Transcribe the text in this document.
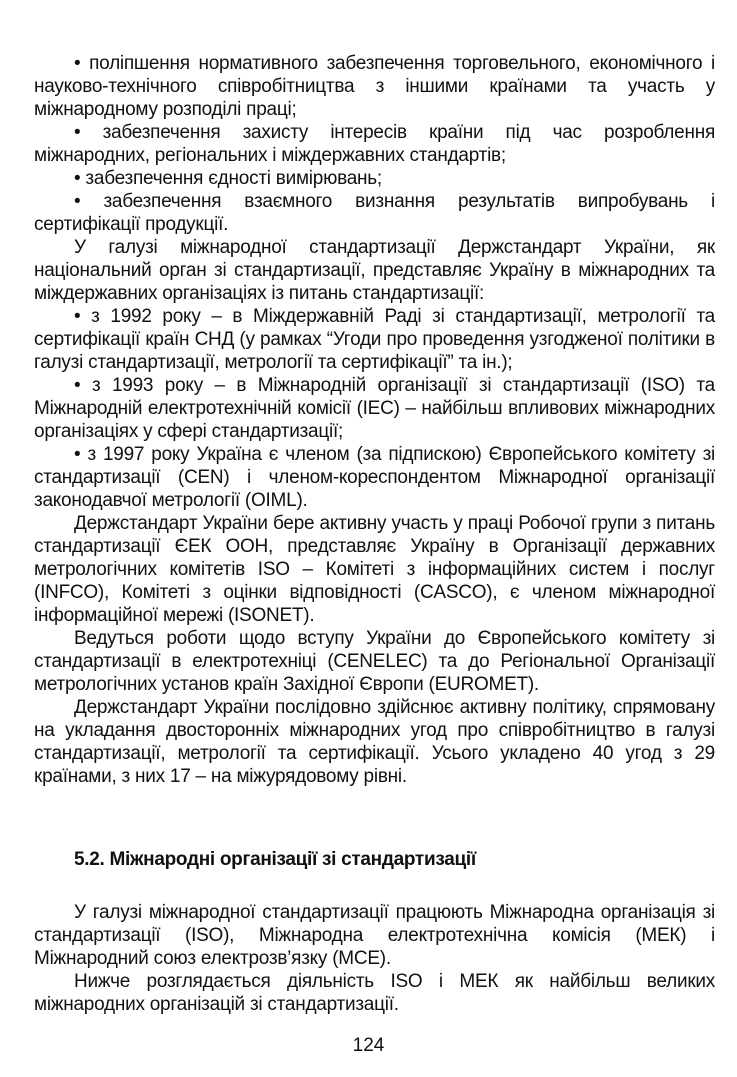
• поліпшення нормативного забезпечення торговельного, економічного і науково-технічного співробітництва з іншими країнами та участь у міжнародному розподілі праці;

• забезпечення захисту інтересів країни під час розроблення міжнародних, регіональних і міждержавних стандартів;

• забезпечення єдності вимірювань;

• забезпечення взаємного визнання результатів випробувань і сертифікації продукції.

У галузі міжнародної стандартизації Держстандарт України, як національний орган зі стандартизації, представляє Україну в міжнародних та міждержавних організаціях із питань стандартизації:

• з 1992 року – в Міждержавній Раді зі стандартизації, метрології та сертифікації країн СНД (у рамках “Угоди про проведення узгодженої політики в галузі стандартизації, метрології та сертифікації” та ін.);

• з 1993 року – в Міжнародній організації зі стандартизації (ISO) та Міжнародній електротехнічній комісії (IEC) – найбільш впливових міжнародних організаціях у сфері стандартизації;

• з 1997 року Україна є членом (за підпискою) Європейського комітету зі стандартизації (CEN) і членом-кореспондентом Міжнародної організації законодавчої метрології (OIML).

Держстандарт України бере активну участь у праці Робочої групи з питань стандартизації ЄЕК ООН, представляє Україну в Організації державних метрологічних комітетів ISO – Комітеті з інформаційних систем і послуг (INFCO), Комітеті з оцінки відповідності (CASCO), є членом міжнародної інформаційної мережі (ISONET).

Ведуться роботи щодо вступу України до Європейського комітету зі стандартизації в електротехніці (CENELEC) та до Регіональної Організації метрологічних установ країн Західної Європи (EUROMET).

Держстандарт України послідовно здійснює активну політику, спрямовану на укладання двосторонніх міжнародних угод про співробітництво в галузі стандартизації, метрології та сертифікації. Усього укладено 40 угод з 29 країнами, з них 17 – на міжурядовому рівні.

5.2. Міжнародні організації зі стандартизації

У галузі міжнародної стандартизації працюють Міжнародна організація зі стандартизації (ISO), Міжнародна електротехнічна комісія (МЕК) і Міжнародний союз електрозв’язку (МСЕ).

Нижче розглядається діяльність ISO і МЕК як найбільш великих міжнародних організацій зі стандартизації.

124
